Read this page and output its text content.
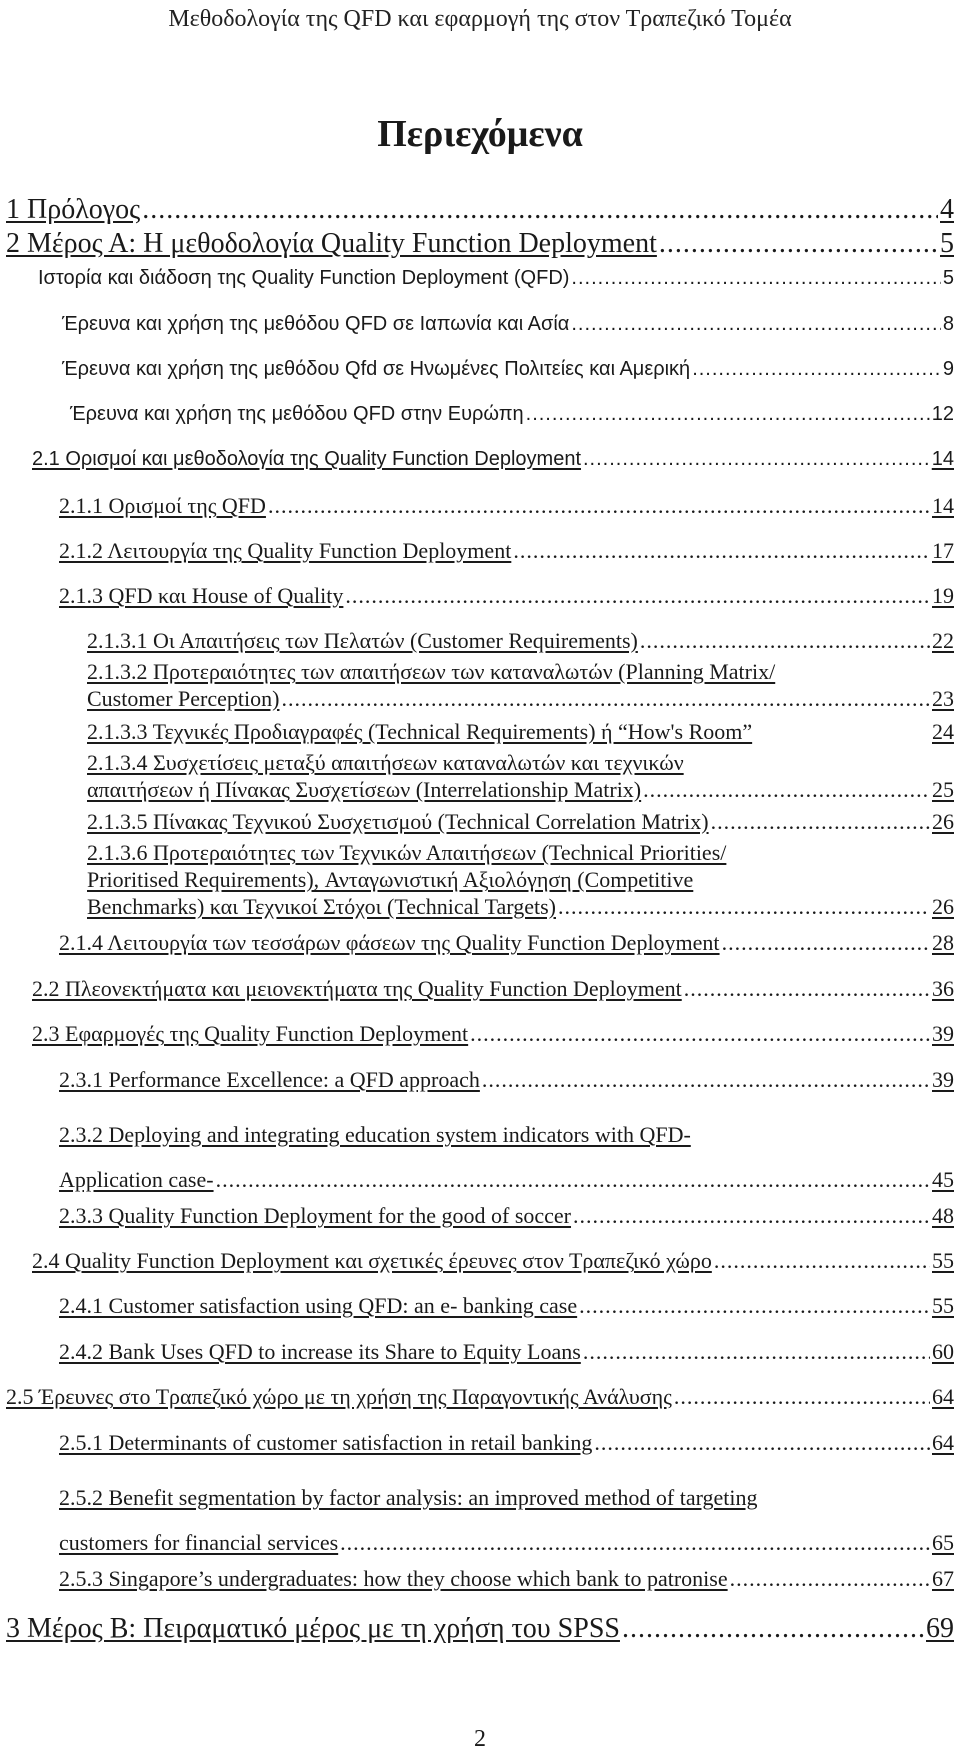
Μεθοδολογία της QFD και εφαρμογή της στον Τραπεζικό Τομέα
Περιεχόμενα
1 Πρόλογος .....	4
2 Μέρος Α: Η μεθοδολογία Quality Function Deployment .....	5
Ιστορία και διάδοση της Quality Function Deployment (QFD) .....	5
Έρευνα και χρήση της μεθόδου QFD σε Ιαπωνία και Ασία .....	8
Έρευνα και χρήση της μεθόδου Qfd σε Ηνωμένες Πολιτείες και Αμερική .....	9
Έρευνα και χρήση της μεθόδου QFD στην Ευρώπη .....	12
2.1 Ορισμοί και μεθοδολογία της Quality Function Deployment .....	14
2.1.1 Ορισμοί της QFD .....	14
2.1.2 Λειτουργία της Quality Function Deployment .....	17
2.1.3 QFD και House of Quality .....	19
2.1.3.1 Οι Απαιτήσεις των Πελατών (Customer Requirements) .....	22
2.1.3.2 Προτεραιότητες των απαιτήσεων των καταναλωτών (Planning Matrix/
Customer Perception) .....	23
2.1.3.3 Τεχνικές Προδιαγραφές (Technical Requirements) ή “How's Room”	24
2.1.3.4 Συσχετίσεις μεταξύ απαιτήσεων καταναλωτών και τεχνικών
απαιτήσεων ή Πίνακας Συσχετίσεων (Interrelationship Matrix) .....	25
2.1.3.5 Πίνακας Τεχνικού Συσχετισμού (Technical Correlation Matrix) .....	26
2.1.3.6 Προτεραιότητες των Τεχνικών Απαιτήσεων (Technical Priorities/ Prioritised Requirements), Ανταγωνιστική Αξιολόγηση (Competitive
Benchmarks) και Τεχνικοί Στόχοι (Technical Targets) .....	26
2.1.4 Λειτουργία των τεσσάρων φάσεων της Quality Function Deployment .....	28
2.2 Πλεονεκτήματα και μειονεκτήματα της Quality Function Deployment .....	36
2.3 Εφαρμογές της Quality Function Deployment .....	39
2.3.1 Performance Excellence: a QFD approach .....	39
2.3.2 Deploying and integrating education system indicators with QFD-
Application case- .....	45
2.3.3 Quality Function Deployment for the good of soccer .....	48
2.4 Quality Function Deployment και σχετικές έρευνες στον Τραπεζικό χώρο .....	55
2.4.1 Customer satisfaction using QFD: an e- banking case .....	55
2.4.2 Bank Uses QFD to increase its Share to Equity Loans .....	60
2.5 Έρευνες στο Τραπεζικό χώρο με τη χρήση της Παραγοντικής Ανάλυσης .....	64
2.5.1 Determinants of customer satisfaction in retail banking .....	64
2.5.2 Benefit segmentation by factor analysis: an improved method of targeting
customers for financial services .....	65
2.5.3 Singapore’s undergraduates: how they choose which bank to patronise .....	67
3 Μέρος Β: Πειραματικό μέρος με τη χρήση του SPSS .....	69
2
